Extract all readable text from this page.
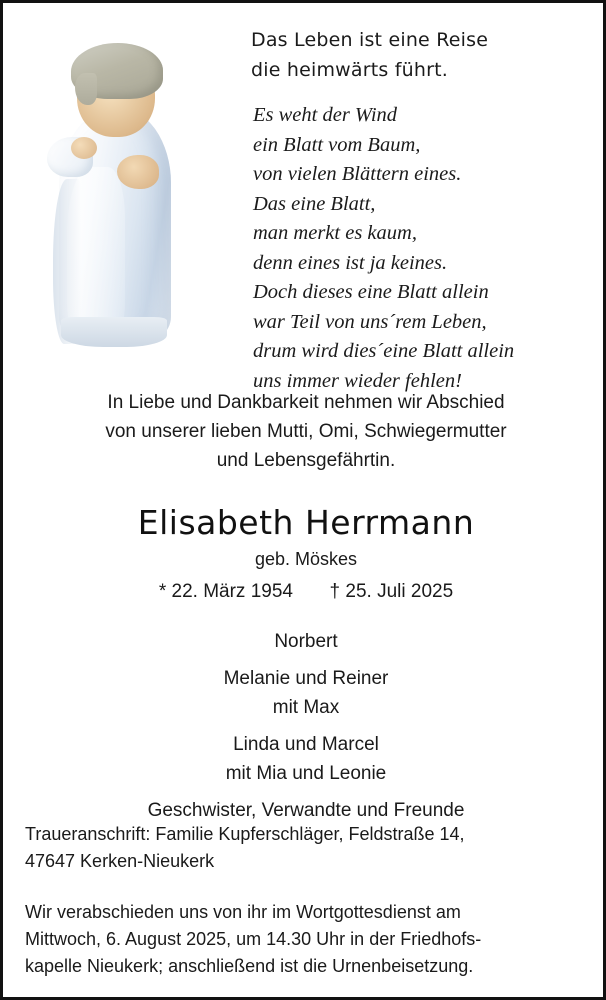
Das Leben ist eine Reise
die heimwärts führt.
Es weht der Wind
ein Blatt vom Baum,
von vielen Blättern eines.
Das eine Blatt,
man merkt es kaum,
denn eines ist ja keines.
Doch dieses eine Blatt allein
war Teil von uns´rem Leben,
drum wird dies´eine Blatt allein
uns immer wieder fehlen!
In Liebe und Dankbarkeit nehmen wir Abschied
von unserer lieben Mutti, Omi, Schwiegermutter
und Lebensgefährtin.
Elisabeth Herrmann
geb. Möskes
* 22. März 1954 † 25. Juli 2025
Norbert
Melanie und Reiner
mit Max
Linda und Marcel
mit Mia und Leonie
Geschwister, Verwandte und Freunde
Traueranschrift: Familie Kupferschläger, Feldstraße 14,
47647 Kerken-Nieukerk
Wir verabschieden uns von ihr im Wortgottesdienst am
Mittwoch, 6. August 2025, um 14.30 Uhr in der Friedhofs-
kapelle Nieukerk; anschließend ist die Urnenbeisetzung.
